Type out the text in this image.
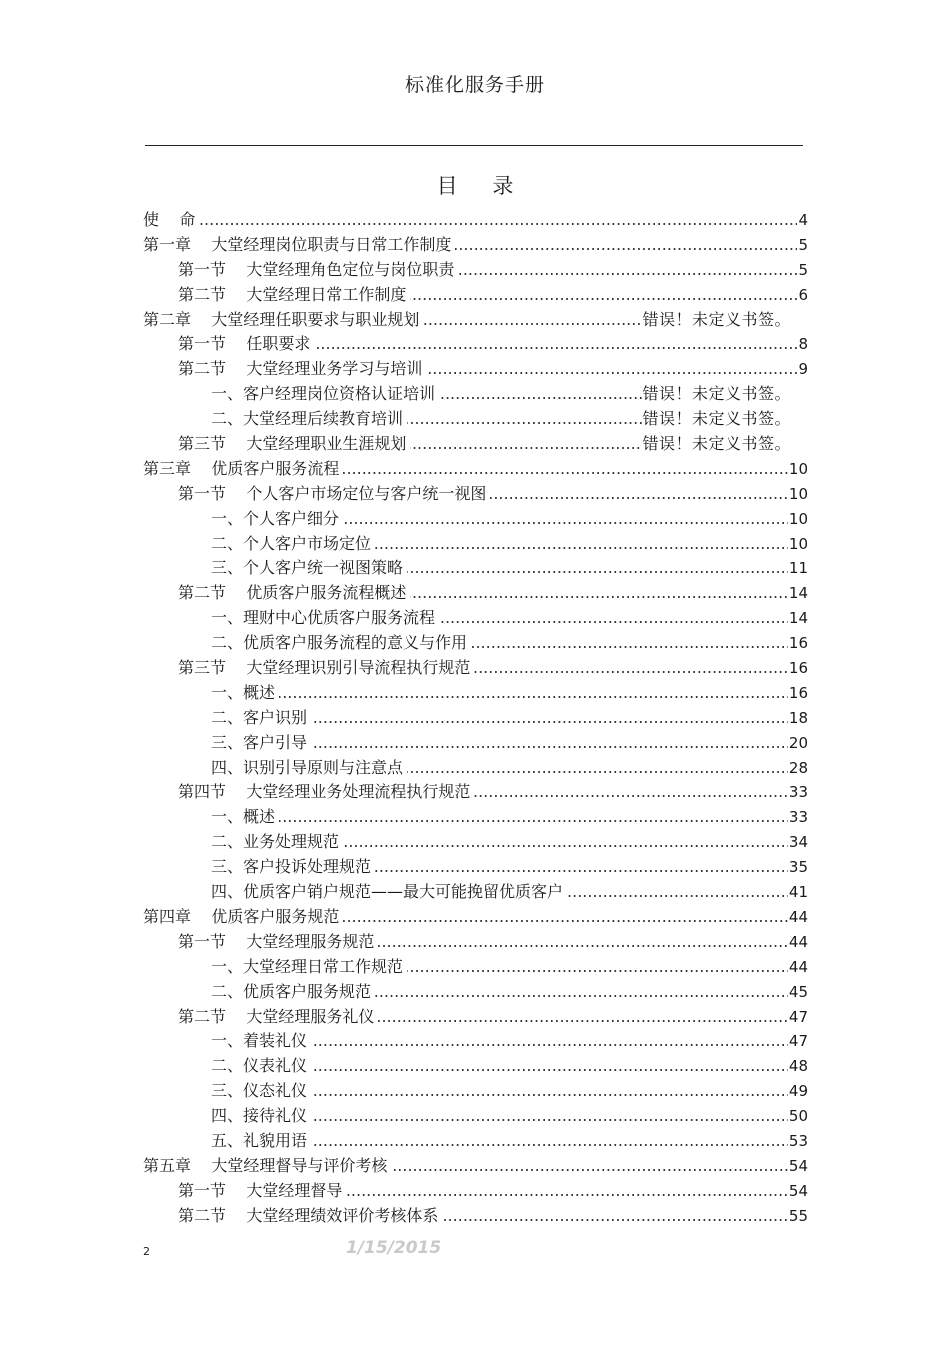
标准化服务手册
目 录
.....
使    命	4
.....
第一章    大堂经理岗位职责与日常工作制度	5
.....
第一节    大堂经理角色定位与岗位职责	5
.....
第二节    大堂经理日常工作制度	6
.....
第二章    大堂经理任职要求与职业规划	错误！未定义书签。
.....
第一节    任职要求	8
.....
第二节    大堂经理业务学习与培训	9
.....
一、客户经理岗位资格认证培训	错误！未定义书签。
.....
二、大堂经理后续教育培训	错误！未定义书签。
.....
第三节    大堂经理职业生涯规划	错误！未定义书签。
.....
第三章    优质客户服务流程	10
.....
第一节    个人客户市场定位与客户统一视图	10
.....
一、个人客户细分	10
.....
二、个人客户市场定位	10
.....
三、个人客户统一视图策略	11
.....
第二节    优质客户服务流程概述	14
.....
一、理财中心优质客户服务流程	14
.....
二、优质客户服务流程的意义与作用	16
.....
第三节    大堂经理识别引导流程执行规范	16
.....
一、概述	16
.....
二、客户识别	18
.....
三、客户引导	20
.....
四、识别引导原则与注意点	28
.....
第四节    大堂经理业务处理流程执行规范	33
.....
一、概述	33
.....
二、业务处理规范	34
.....
三、客户投诉处理规范	35
.....
四、优质客户销户规范——最大可能挽留优质客户	41
.....
第四章    优质客户服务规范	44
.....
第一节    大堂经理服务规范	44
.....
一、大堂经理日常工作规范	44
.....
二、优质客户服务规范	45
.....
第二节    大堂经理服务礼仪	47
.....
一、着装礼仪	47
.....
二、仪表礼仪	48
.....
三、仪态礼仪	49
.....
四、接待礼仪	50
.....
五、礼貌用语	53
.....
第五章    大堂经理督导与评价考核	54
.....
第一节    大堂经理督导	54
.....
第二节    大堂经理绩效评价考核体系	55
2	1/15/2015
